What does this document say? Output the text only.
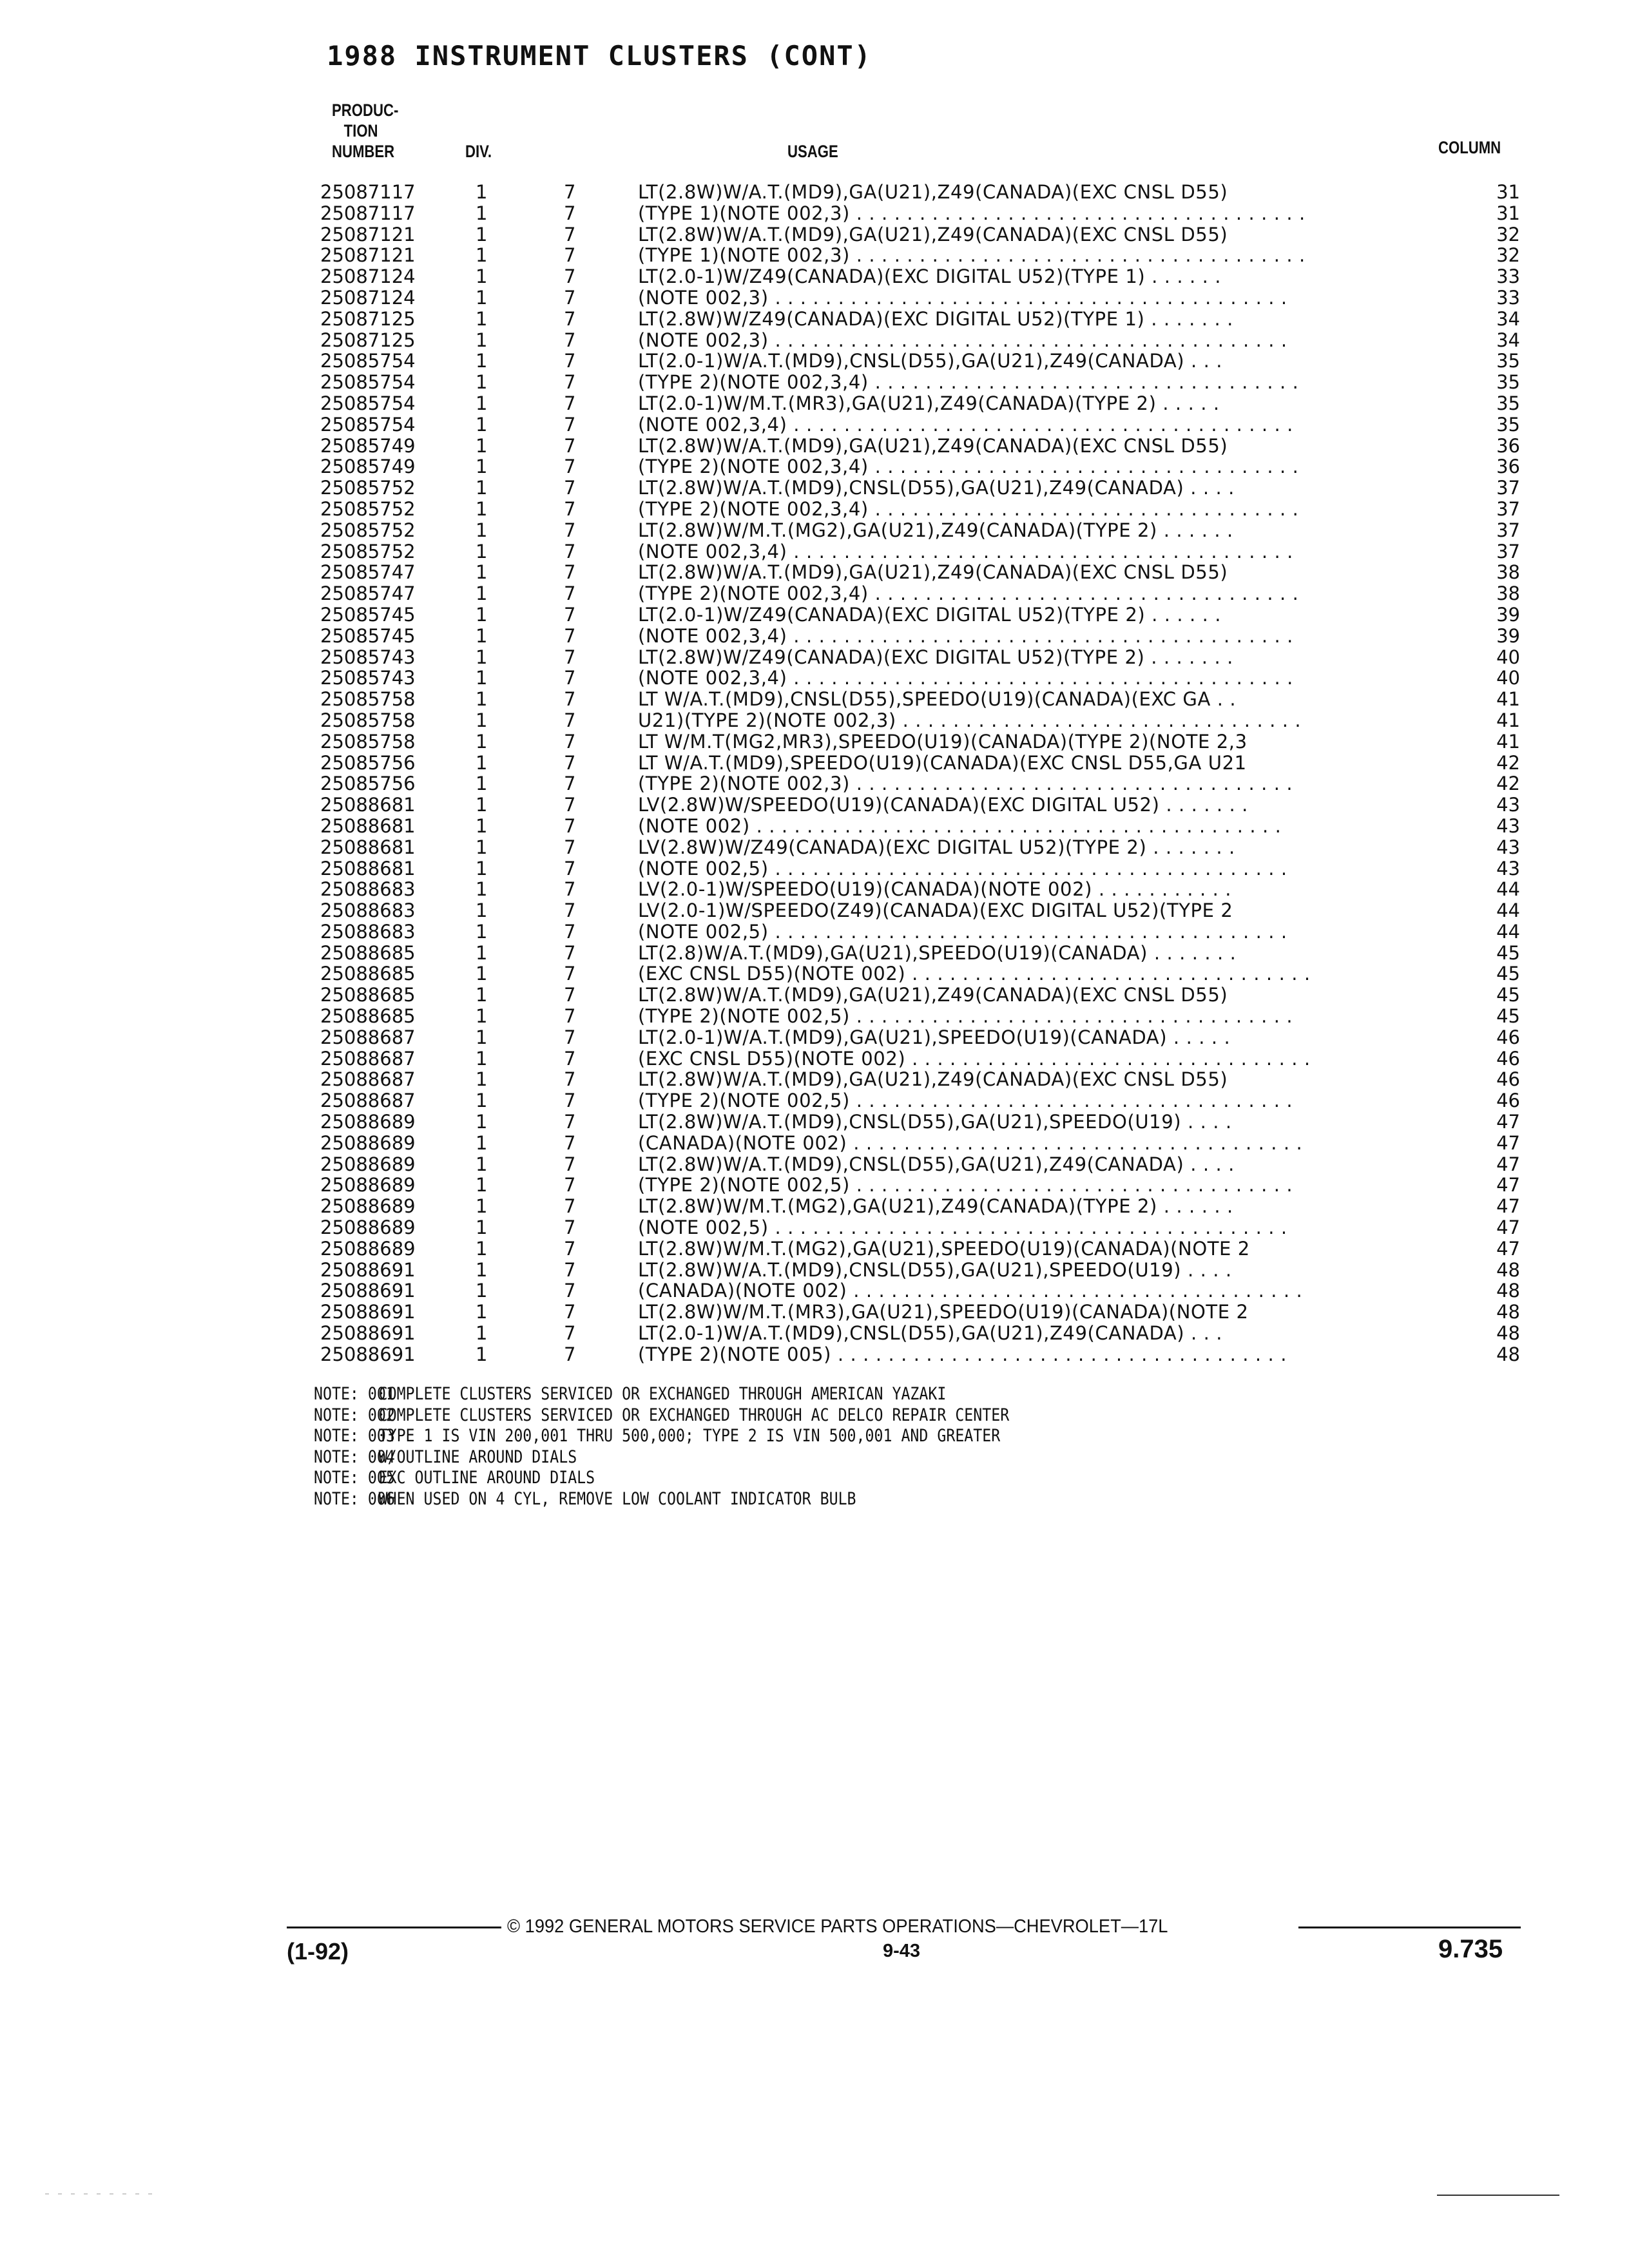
1988 INSTRUMENT CLUSTERS (CONT)
PRODUC-
TION
NUMBER	DIV.	USAGE	COLUMN
25087117	1	7	LT(2.8W)W/A.T.(MD9),GA(U21),Z49(CANADA)(EXC CNSL D55)	31
25087117	1	7	(TYPE 1)(NOTE 002,3) . . . . . . . . . . . . . . . . . . . . . . . . . . . . . . . . . . . .	31
25087121	1	7	LT(2.8W)W/A.T.(MD9),GA(U21),Z49(CANADA)(EXC CNSL D55)	32
25087121	1	7	(TYPE 1)(NOTE 002,3) . . . . . . . . . . . . . . . . . . . . . . . . . . . . . . . . . . . .	32
25087124	1	7	LT(2.0-1)W/Z49(CANADA)(EXC DIGITAL U52)(TYPE 1) . . . . . .	33
25087124	1	7	(NOTE 002,3) . . . . . . . . . . . . . . . . . . . . . . . . . . . . . . . . . . . . . . . . .	33
25087125	1	7	LT(2.8W)W/Z49(CANADA)(EXC DIGITAL U52)(TYPE 1) . . . . . . .	34
25087125	1	7	(NOTE 002,3) . . . . . . . . . . . . . . . . . . . . . . . . . . . . . . . . . . . . . . . . .	34
25085754	1	7	LT(2.0-1)W/A.T.(MD9),CNSL(D55),GA(U21),Z49(CANADA) . . .	35
25085754	1	7	(TYPE 2)(NOTE 002,3,4) . . . . . . . . . . . . . . . . . . . . . . . . . . . . . . . . . .	35
25085754	1	7	LT(2.0-1)W/M.T.(MR3),GA(U21),Z49(CANADA)(TYPE 2) . . . . .	35
25085754	1	7	(NOTE 002,3,4) . . . . . . . . . . . . . . . . . . . . . . . . . . . . . . . . . . . . . . . .	35
25085749	1	7	LT(2.8W)W/A.T.(MD9),GA(U21),Z49(CANADA)(EXC CNSL D55)	36
25085749	1	7	(TYPE 2)(NOTE 002,3,4) . . . . . . . . . . . . . . . . . . . . . . . . . . . . . . . . . .	36
25085752	1	7	LT(2.8W)W/A.T.(MD9),CNSL(D55),GA(U21),Z49(CANADA) . . . .	37
25085752	1	7	(TYPE 2)(NOTE 002,3,4) . . . . . . . . . . . . . . . . . . . . . . . . . . . . . . . . . .	37
25085752	1	7	LT(2.8W)W/M.T.(MG2),GA(U21),Z49(CANADA)(TYPE 2) . . . . . .	37
25085752	1	7	(NOTE 002,3,4) . . . . . . . . . . . . . . . . . . . . . . . . . . . . . . . . . . . . . . . .	37
25085747	1	7	LT(2.8W)W/A.T.(MD9),GA(U21),Z49(CANADA)(EXC CNSL D55)	38
25085747	1	7	(TYPE 2)(NOTE 002,3,4) . . . . . . . . . . . . . . . . . . . . . . . . . . . . . . . . . .	38
25085745	1	7	LT(2.0-1)W/Z49(CANADA)(EXC DIGITAL U52)(TYPE 2) . . . . . .	39
25085745	1	7	(NOTE 002,3,4) . . . . . . . . . . . . . . . . . . . . . . . . . . . . . . . . . . . . . . . .	39
25085743	1	7	LT(2.8W)W/Z49(CANADA)(EXC DIGITAL U52)(TYPE 2) . . . . . . .	40
25085743	1	7	(NOTE 002,3,4) . . . . . . . . . . . . . . . . . . . . . . . . . . . . . . . . . . . . . . . .	40
25085758	1	7	LT W/A.T.(MD9),CNSL(D55),SPEEDO(U19)(CANADA)(EXC GA . .	41
25085758	1	7	U21)(TYPE 2)(NOTE 002,3) . . . . . . . . . . . . . . . . . . . . . . . . . . . . . . . .	41
25085758	1	7	LT W/M.T(MG2,MR3),SPEEDO(U19)(CANADA)(TYPE 2)(NOTE 2,3	41
25085756	1	7	LT W/A.T.(MD9),SPEEDO(U19)(CANADA)(EXC CNSL D55,GA U21	42
25085756	1	7	(TYPE 2)(NOTE 002,3) . . . . . . . . . . . . . . . . . . . . . . . . . . . . . . . . . . .	42
25088681	1	7	LV(2.8W)W/SPEEDO(U19)(CANADA)(EXC DIGITAL U52) . . . . . . .	43
25088681	1	7	(NOTE 002) . . . . . . . . . . . . . . . . . . . . . . . . . . . . . . . . . . . . . . . . . .	43
25088681	1	7	LV(2.8W)W/Z49(CANADA)(EXC DIGITAL U52)(TYPE 2) . . . . . . .	43
25088681	1	7	(NOTE 002,5) . . . . . . . . . . . . . . . . . . . . . . . . . . . . . . . . . . . . . . . . .	43
25088683	1	7	LV(2.0-1)W/SPEEDO(U19)(CANADA)(NOTE 002) . . . . . . . . . . .	44
25088683	1	7	LV(2.0-1)W/SPEEDO(Z49)(CANADA)(EXC DIGITAL U52)(TYPE 2	44
25088683	1	7	(NOTE 002,5) . . . . . . . . . . . . . . . . . . . . . . . . . . . . . . . . . . . . . . . . .	44
25088685	1	7	LT(2.8)W/A.T.(MD9),GA(U21),SPEEDO(U19)(CANADA) . . . . . . .	45
25088685	1	7	(EXC CNSL D55)(NOTE 002) . . . . . . . . . . . . . . . . . . . . . . . . . . . . . . . .	45
25088685	1	7	LT(2.8W)W/A.T.(MD9),GA(U21),Z49(CANADA)(EXC CNSL D55)	45
25088685	1	7	(TYPE 2)(NOTE 002,5) . . . . . . . . . . . . . . . . . . . . . . . . . . . . . . . . . . .	45
25088687	1	7	LT(2.0-1)W/A.T.(MD9),GA(U21),SPEEDO(U19)(CANADA) . . . . .	46
25088687	1	7	(EXC CNSL D55)(NOTE 002) . . . . . . . . . . . . . . . . . . . . . . . . . . . . . . . .	46
25088687	1	7	LT(2.8W)W/A.T.(MD9),GA(U21),Z49(CANADA)(EXC CNSL D55)	46
25088687	1	7	(TYPE 2)(NOTE 002,5) . . . . . . . . . . . . . . . . . . . . . . . . . . . . . . . . . . .	46
25088689	1	7	LT(2.8W)W/A.T.(MD9),CNSL(D55),GA(U21),SPEEDO(U19) . . . .	47
25088689	1	7	(CANADA)(NOTE 002) . . . . . . . . . . . . . . . . . . . . . . . . . . . . . . . . . . . .	47
25088689	1	7	LT(2.8W)W/A.T.(MD9),CNSL(D55),GA(U21),Z49(CANADA) . . . .	47
25088689	1	7	(TYPE 2)(NOTE 002,5) . . . . . . . . . . . . . . . . . . . . . . . . . . . . . . . . . . .	47
25088689	1	7	LT(2.8W)W/M.T.(MG2),GA(U21),Z49(CANADA)(TYPE 2) . . . . . .	47
25088689	1	7	(NOTE 002,5) . . . . . . . . . . . . . . . . . . . . . . . . . . . . . . . . . . . . . . . . .	47
25088689	1	7	LT(2.8W)W/M.T.(MG2),GA(U21),SPEEDO(U19)(CANADA)(NOTE 2	47
25088691	1	7	LT(2.8W)W/A.T.(MD9),CNSL(D55),GA(U21),SPEEDO(U19) . . . .	48
25088691	1	7	(CANADA)(NOTE 002) . . . . . . . . . . . . . . . . . . . . . . . . . . . . . . . . . . . .	48
25088691	1	7	LT(2.8W)W/M.T.(MR3),GA(U21),SPEEDO(U19)(CANADA)(NOTE 2	48
25088691	1	7	LT(2.0-1)W/A.T.(MD9),CNSL(D55),GA(U21),Z49(CANADA) . . .	48
25088691	1	7	(TYPE 2)(NOTE 005) . . . . . . . . . . . . . . . . . . . . . . . . . . . . . . . . . . . .	48
NOTE: 001COMPLETE CLUSTERS SERVICED OR EXCHANGED THROUGH AMERICAN YAZAKI
NOTE: 002COMPLETE CLUSTERS SERVICED OR EXCHANGED THROUGH AC DELCO REPAIR CENTER
NOTE: 003TYPE 1 IS VIN 200,001 THRU 500,000; TYPE 2 IS VIN 500,001 AND GREATER
NOTE: 004W/OUTLINE AROUND DIALS
NOTE: 005EXC OUTLINE AROUND DIALS
NOTE: 006WHEN USED ON 4 CYL, REMOVE LOW COOLANT INDICATOR BULB
© 1992 GENERAL MOTORS SERVICE PARTS OPERATIONS—CHEVROLET—17L
(1-92)	9-43	9.735
